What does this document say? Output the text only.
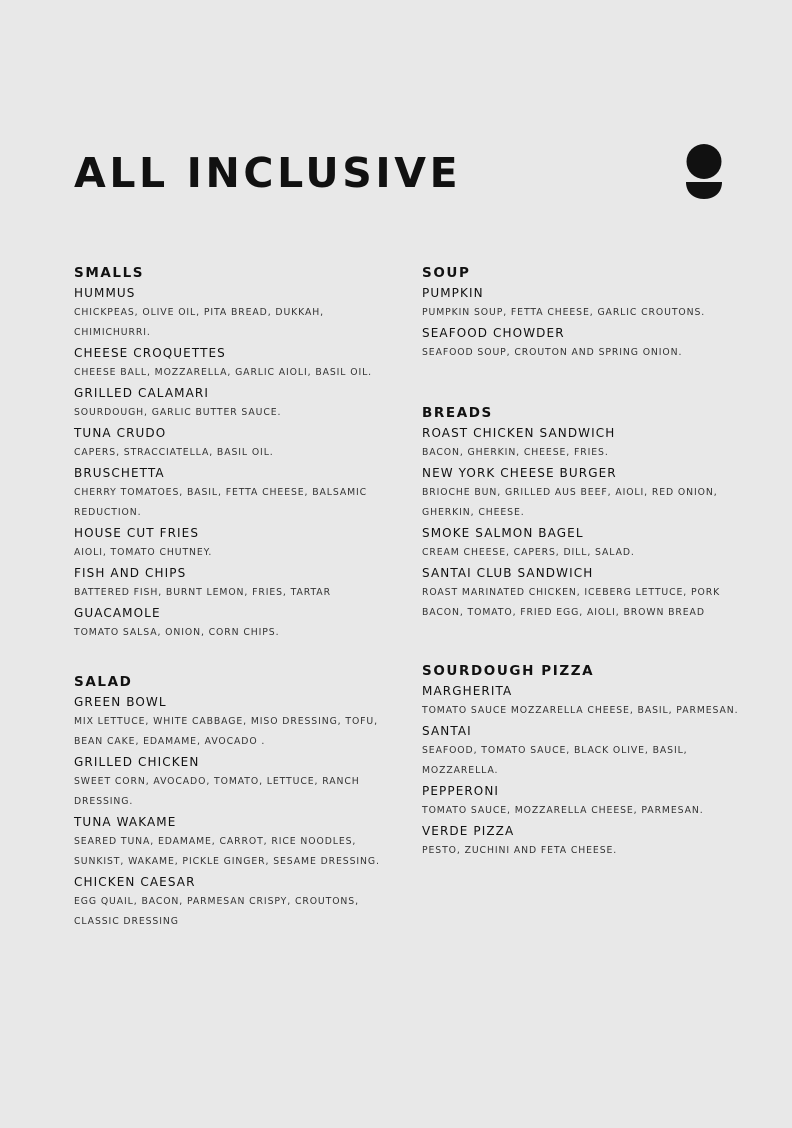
ALL INCLUSIVE
SMALLS
HUMMUS
CHICKPEAS, OLIVE OIL, PITA BREAD, DUKKAH, CHIMICHURRI.
CHEESE CROQUETTES
CHEESE BALL, MOZZARELLA, GARLIC AIOLI, BASIL OIL.
GRILLED CALAMARI
SOURDOUGH, GARLIC BUTTER SAUCE.
TUNA CRUDO
CAPERS, STRACCIATELLA, BASIL OIL.
BRUSCHETTA
CHERRY TOMATOES, BASIL, FETTA CHEESE, BALSAMIC REDUCTION.
HOUSE CUT FRIES
AIOLI, TOMATO CHUTNEY.
FISH AND CHIPS
BATTERED FISH, BURNT LEMON, FRIES, TARTAR
GUACAMOLE
TOMATO SALSA, ONION, CORN CHIPS.
SOUP
PUMPKIN
PUMPKIN SOUP, FETTA CHEESE, GARLIC CROUTONS.
SEAFOOD CHOWDER
SEAFOOD SOUP, CROUTON AND SPRING ONION.
BREADS
ROAST CHICKEN SANDWICH
BACON, GHERKIN, CHEESE, FRIES.
NEW YORK CHEESE BURGER
BRIOCHE BUN, GRILLED AUS BEEF, AIOLI, RED ONION, GHERKIN, CHEESE.
SMOKE SALMON BAGEL
CREAM CHEESE, CAPERS, DILL, SALAD.
SANTAI CLUB SANDWICH
ROAST MARINATED CHICKEN, ICEBERG LETTUCE, PORK BACON, TOMATO, FRIED EGG, AIOLI, BROWN BREAD
SALAD
GREEN BOWL
MIX LETTUCE, WHITE CABBAGE, MISO DRESSING, TOFU, BEAN CAKE, EDAMAME, AVOCADO .
GRILLED CHICKEN
SWEET CORN, AVOCADO, TOMATO, LETTUCE, RANCH DRESSING.
TUNA WAKAME
SEARED TUNA, EDAMAME, CARROT, RICE NOODLES, SUNKIST, WAKAME, PICKLE GINGER, SESAME DRESSING.
CHICKEN CAESAR
EGG QUAIL, BACON, PARMESAN CRISPY, CROUTONS, CLASSIC DRESSING
SOURDOUGH PIZZA
MARGHERITA
TOMATO SAUCE MOZZARELLA CHEESE, BASIL, PARMESAN.
SANTAI
SEAFOOD, TOMATO SAUCE, BLACK OLIVE, BASIL, MOZZARELLA.
PEPPERONI
TOMATO SAUCE, MOZZARELLA CHEESE, PARMESAN.
VERDE PIZZA
PESTO, ZUCHINI AND FETA CHEESE.
